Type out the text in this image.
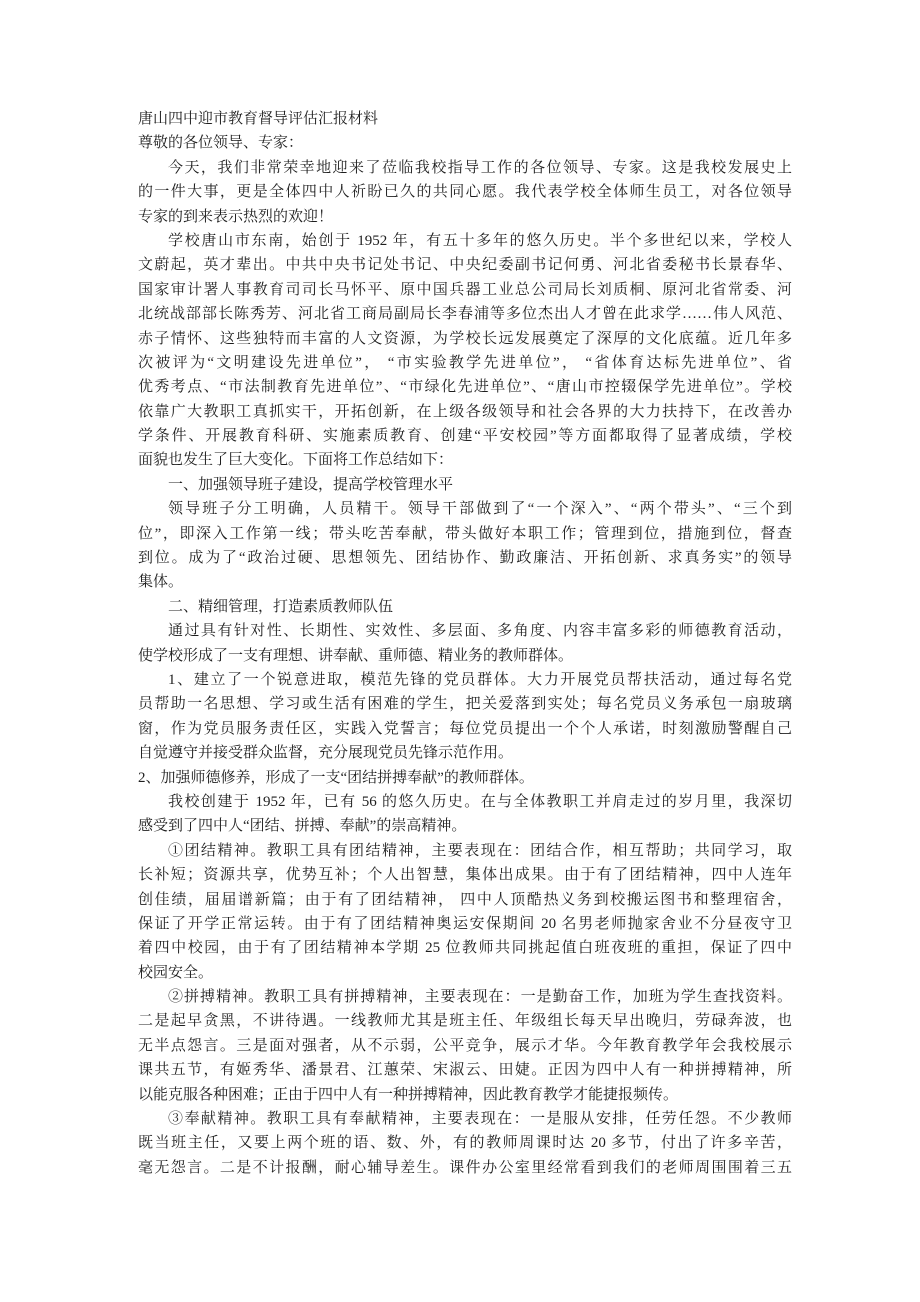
唐山四中迎市教育督导评估汇报材料
尊敬的各位领导、专家：
今天，我们非常荣幸地迎来了莅临我校指导工作的各位领导、专家。这是我校发展史上
的一件大事，更是全体四中人祈盼已久的共同心愿。我代表学校全体师生员工，对各位领导
专家的到来表示热烈的欢迎！
学校唐山市东南，始创于 1952 年，有五十多年的悠久历史。半个多世纪以来，学校人
文蔚起，英才辈出。中共中央书记处书记、中央纪委副书记何勇、河北省委秘书长景春华、
国家审计署人事教育司司长马怀平、原中国兵器工业总公司局长刘质桐、原河北省常委、河
北统战部部长陈秀芳、河北省工商局副局长李春浦等多位杰出人才曾在此求学……伟人风范、
赤子情怀、这些独特而丰富的人文资源，为学校长远发展奠定了深厚的文化底蕴。近几年多
次被评为“文明建设先进单位”， “市实验教学先进单位”， “省体育达标先进单位”、省
优秀考点、“市法制教育先进单位”、“市绿化先进单位”、“唐山市控辍保学先进单位”。学校
依靠广大教职工真抓实干，开拓创新，在上级各级领导和社会各界的大力扶持下，在改善办
学条件、开展教育科研、实施素质教育、创建“平安校园”等方面都取得了显著成绩，学校
面貌也发生了巨大变化。下面将工作总结如下：
一、加强领导班子建设，提高学校管理水平
领导班子分工明确，人员精干。领导干部做到了“一个深入”、“两个带头”、“三个到
位”，即深入工作第一线；带头吃苦奉献，带头做好本职工作；管理到位，措施到位，督查
到位。成为了“政治过硬、思想领先、团结协作、勤政廉洁、开拓创新、求真务实”的领导
集体。
二、精细管理，打造素质教师队伍
通过具有针对性、长期性、实效性、多层面、多角度、内容丰富多彩的师德教育活动，
使学校形成了一支有理想、讲奉献、重师德、精业务的教师群体。
1、建立了一个锐意进取，模范先锋的党员群体。大力开展党员帮扶活动，通过每名党
员帮助一名思想、学习或生活有困难的学生，把关爱落到实处；每名党员义务承包一扇玻璃
窗，作为党员服务责任区，实践入党誓言；每位党员提出一个个人承诺，时刻激励警醒自己
自觉遵守并接受群众监督，充分展现党员先锋示范作用。
2、加强师德修养，形成了一支“团结拼搏奉献”的教师群体。
我校创建于 1952 年，已有 56 的悠久历史。在与全体教职工并肩走过的岁月里，我深切
感受到了四中人“团结、拼搏、奉献”的崇高精神。
①团结精神。教职工具有团结精神，主要表现在：团结合作，相互帮助；共同学习，取
长补短；资源共享，优势互补；个人出智慧，集体出成果。由于有了团结精神，四中人连年
创佳绩，届届谱新篇；由于有了团结精神， 四中人顶酷热义务到校搬运图书和整理宿舍，
保证了开学正常运转。由于有了团结精神奥运安保期间 20 名男老师抛家舍业不分昼夜守卫
着四中校园，由于有了团结精神本学期 25 位教师共同挑起值白班夜班的重担，保证了四中
校园安全。
②拼搏精神。教职工具有拼搏精神，主要表现在：一是勤奋工作，加班为学生查找资料。
二是起早贪黑，不讲待遇。一线教师尤其是班主任、年级组长每天早出晚归，劳碌奔波，也
无半点怨言。三是面对强者，从不示弱，公平竞争，展示才华。今年教育教学年会我校展示
课共五节，有姬秀华、潘景君、江蕙荣、宋淑云、田婕。正因为四中人有一种拼搏精神，所
以能克服各种困难；正由于四中人有一种拼搏精神，因此教育教学才能捷报频传。
③奉献精神。教职工具有奉献精神，主要表现在：一是服从安排，任劳任怨。不少教师
既当班主任，又要上两个班的语、数、外，有的教师周课时达 20 多节，付出了许多辛苦，
毫无怨言。二是不计报酬，耐心辅导差生。课件办公室里经常看到我们的老师周围围着三五
